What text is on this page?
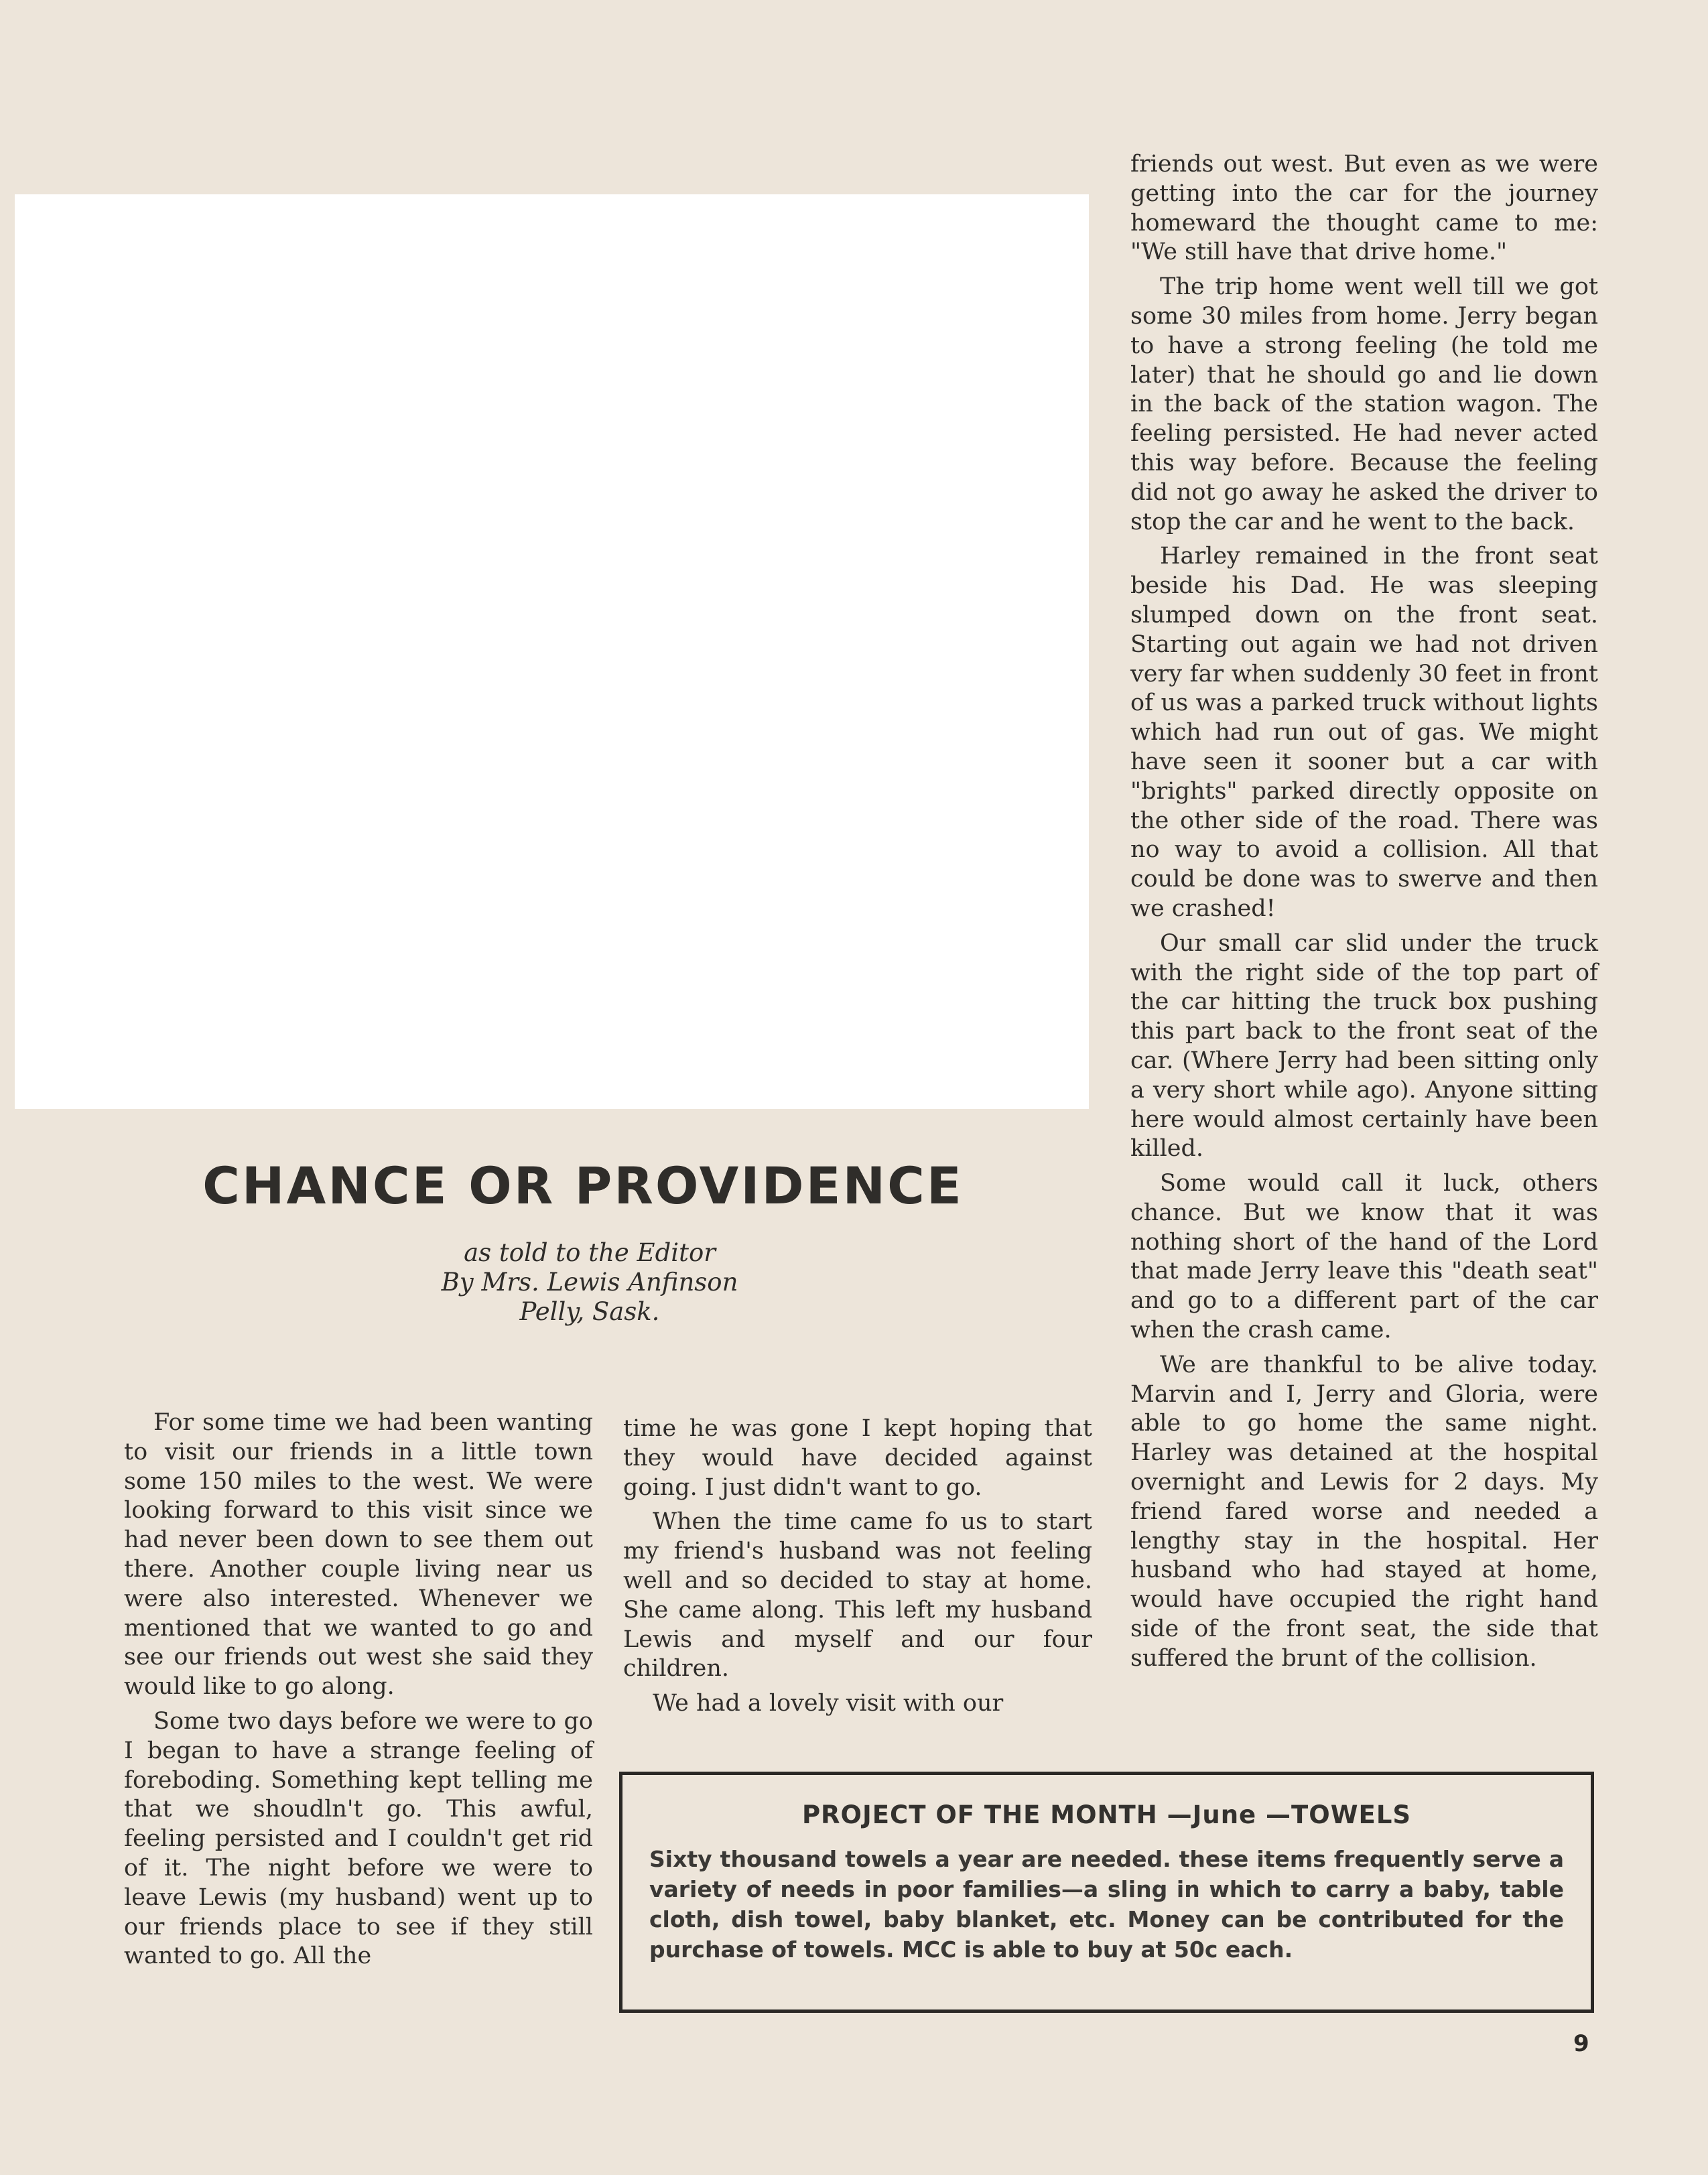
friends out west. But even as we were getting into the car for the journey homeward the thought came to me: "We still have that drive home."

The trip home went well till we got some 30 miles from home. Jerry began to have a strong feeling (he told me later) that he should go and lie down in the back of the station wagon. The feeling persisted. He had never acted this way before. Because the feeling did not go away he asked the driver to stop the car and he went to the back.

Harley remained in the front seat beside his Dad. He was sleeping slumped down on the front seat. Starting out again we had not driven very far when suddenly 30 feet in front of us was a parked truck without lights which had run out of gas. We might have seen it sooner but a car with "brights" parked directly opposite on the other side of the road. There was no way to avoid a collision. All that could be done was to swerve and then we crashed!

Our small car slid under the truck with the right side of the top part of the car hitting the truck box pushing this part back to the front seat of the car. (Where Jerry had been sitting only a very short while ago). Anyone sitting here would almost certainly have been killed.

Some would call it luck, others chance. But we know that it was nothing short of the hand of the Lord that made Jerry leave this "death seat" and go to a different part of the car when the crash came.

We are thankful to be alive today. Marvin and I, Jerry and Gloria, were able to go home the same night. Harley was detained at the hospital overnight and Lewis for 2 days. My friend fared worse and needed a lengthy stay in the hospital. Her husband who had stayed at home, would have occupied the right hand side of the front seat, the side that suffered the brunt of the collision.

CHANCE OR PROVIDENCE
as told to the Editor
By Mrs. Lewis Anfinson
Pelly, Sask.

For some time we had been wanting to visit our friends in a little town some 150 miles to the west. We were looking forward to this visit since we had never been down to see them out there. Another couple living near us were also interested. Whenever we mentioned that we wanted to go and see our friends out west she said they would like to go along.

Some two days before we were to go I began to have a strange feeling of foreboding. Something kept telling me that we shoudln't go. This awful, feeling persisted and I couldn't get rid of it. The night before we were to leave Lewis (my husband) went up to our friends place to see if they still wanted to go. All the

time he was gone I kept hoping that they would have decided against going. I just didn't want to go.

When the time came fo us to start my friend's husband was not feeling well and so decided to stay at home. She came along. This left my husband Lewis and myself and our four children.

We had a lovely visit with our

PROJECT OF THE MONTH —June —TOWELS
Sixty thousand towels a year are needed. these items frequently serve a variety of needs in poor families—a sling in which to carry a baby, table cloth, dish towel, baby blanket, etc. Money can be contributed for the purchase of towels. MCC is able to buy at 50c each.
9
